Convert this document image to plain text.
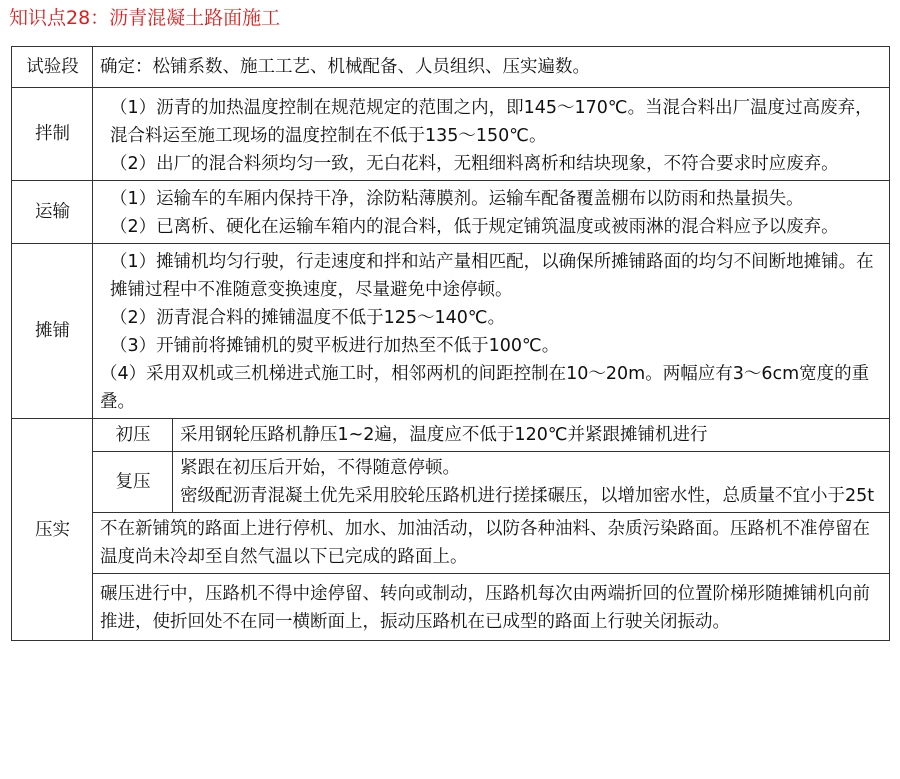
知识点28：沥青混凝土路面施工
试验段	确定：松铺系数、施工工艺、机械配备、人员组织、压实遍数。	
拌制	（1）沥青的加热温度控制在规范规定的范围之内，即145～170℃。当混合料出厂温度过高废弃，混合料运至施工现场的温度控制在不低于135～150℃。
（2）出厂的混合料须均匀一致，无白花料，无粗细料离析和结块现象，不符合要求时应废弃。	

运输	（1）运输车的车厢内保持干净，涂防粘薄膜剂。运输车配备覆盖棚布以防雨和热量损失。
（2）已离析、硬化在运输车箱内的混合料，低于规定铺筑温度或被雨淋的混合料应予以废弃。	

摊铺	（1）摊铺机均匀行驶，行走速度和拌和站产量相匹配，以确保所摊铺路面的均匀不间断地摊铺。在摊铺过程中不准随意变换速度，尽量避免中途停顿。
（2）沥青混合料的摊铺温度不低于125～140℃。
（3）开铺前将摊铺机的熨平板进行加热至不低于100℃。
（4）采用双机或三机梯进式施工时，相邻两机的间距控制在10～20m。两幅应有3～6cm宽度的重叠。	

压实	初压	采用钢轮压路机静压1~2遍，温度应不低于120℃并紧跟摊铺机进行
	复压	紧跟在初压后开始，不得随意停顿。
密级配沥青混凝土优先采用胶轮压路机进行搓揉碾压，以增加密水性，总质量不宜小于25t

	不在新铺筑的路面上进行停机、加水、加油活动，以防各种油料、杂质污染路面。压路机不准停留在温度尚未冷却至自然气温以下已完成的路面上。	
	碾压进行中，压路机不得中途停留、转向或制动，压路机每次由两端折回的位置阶梯形随摊铺机向前推进，使折回处不在同一横断面上，振动压路机在已成型的路面上行驶关闭振动。	
